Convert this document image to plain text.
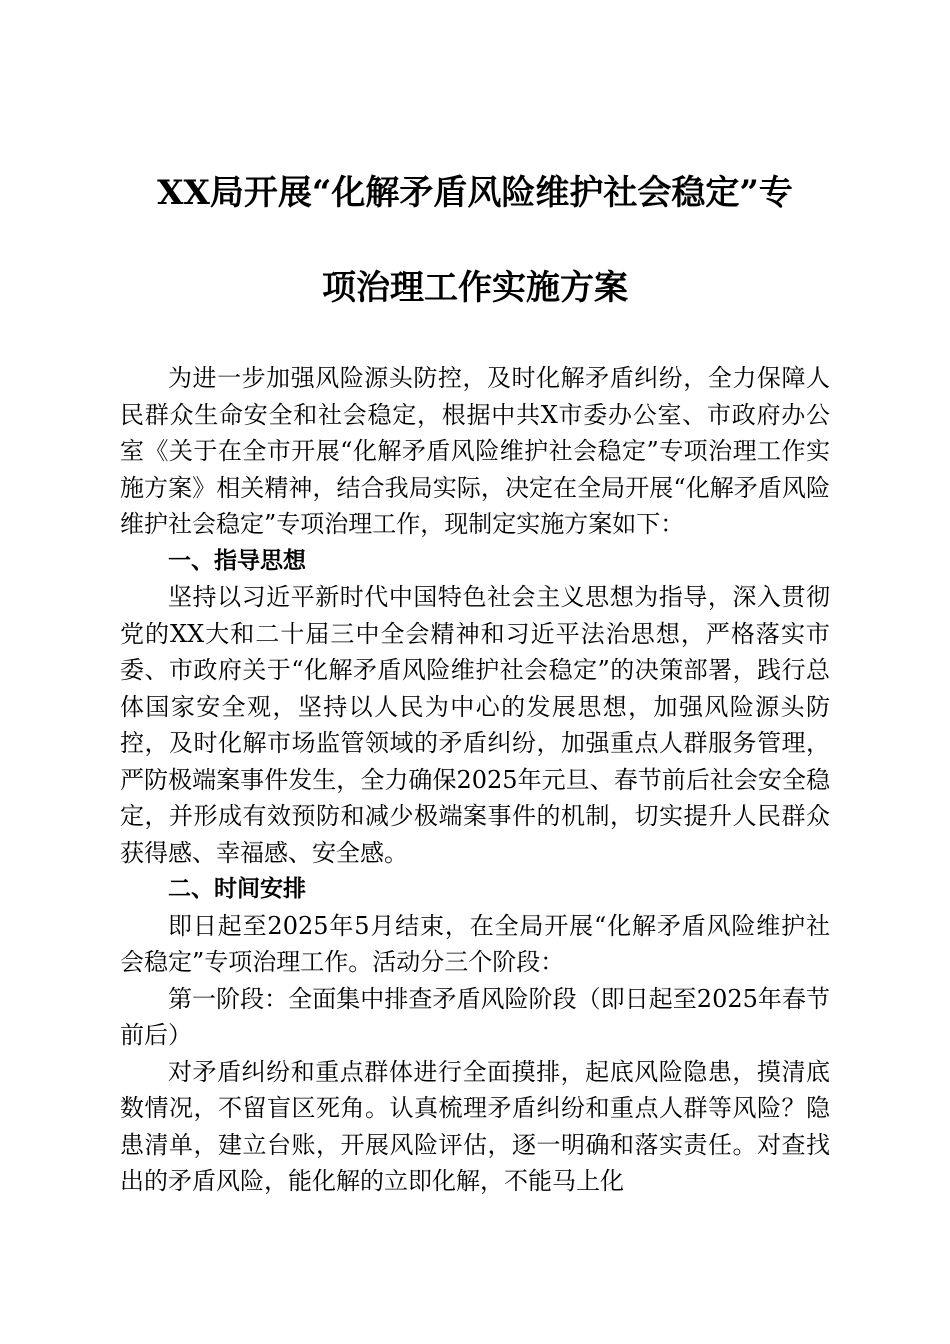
XX局开展“化解矛盾风险维护社会稳定”专
项治理工作实施方案

为进一步加强风险源头防控，及时化解矛盾纠纷，全力保障人民群众生命安全和社会稳定，根据中共X市委办公室、市政府办公室《关于在全市开展“化解矛盾风险维护社会稳定”专项治理工作实施方案》相关精神，结合我局实际，决定在全局开展“化解矛盾风险维护社会稳定”专项治理工作，现制定实施方案如下：

一、指导思想

坚持以习近平新时代中国特色社会主义思想为指导，深入贯彻党的XX大和二十届三中全会精神和习近平法治思想，严格落实市委、市政府关于“化解矛盾风险维护社会稳定”的决策部署，践行总体国家安全观，坚持以人民为中心的发展思想，加强风险源头防控，及时化解市场监管领域的矛盾纠纷，加强重点人群服务管理，严防极端案事件发生，全力确保2025年元旦、春节前后社会安全稳定，并形成有效预防和减少极端案事件的机制，切实提升人民群众获得感、幸福感、安全感。

二、时间安排

即日起至2025年5月结束，在全局开展“化解矛盾风险维护社会稳定”专项治理工作。活动分三个阶段：

第一阶段：全面集中排查矛盾风险阶段（即日起至2025年春节前后）

对矛盾纠纷和重点群体进行全面摸排，起底风险隐患，摸清底数情况，不留盲区死角。认真梳理矛盾纠纷和重点人群等风险？隐患清单，建立台账，开展风险评估，逐一明确和落实责任。对查找出的矛盾风险，能化解的立即化解，不能马上化
